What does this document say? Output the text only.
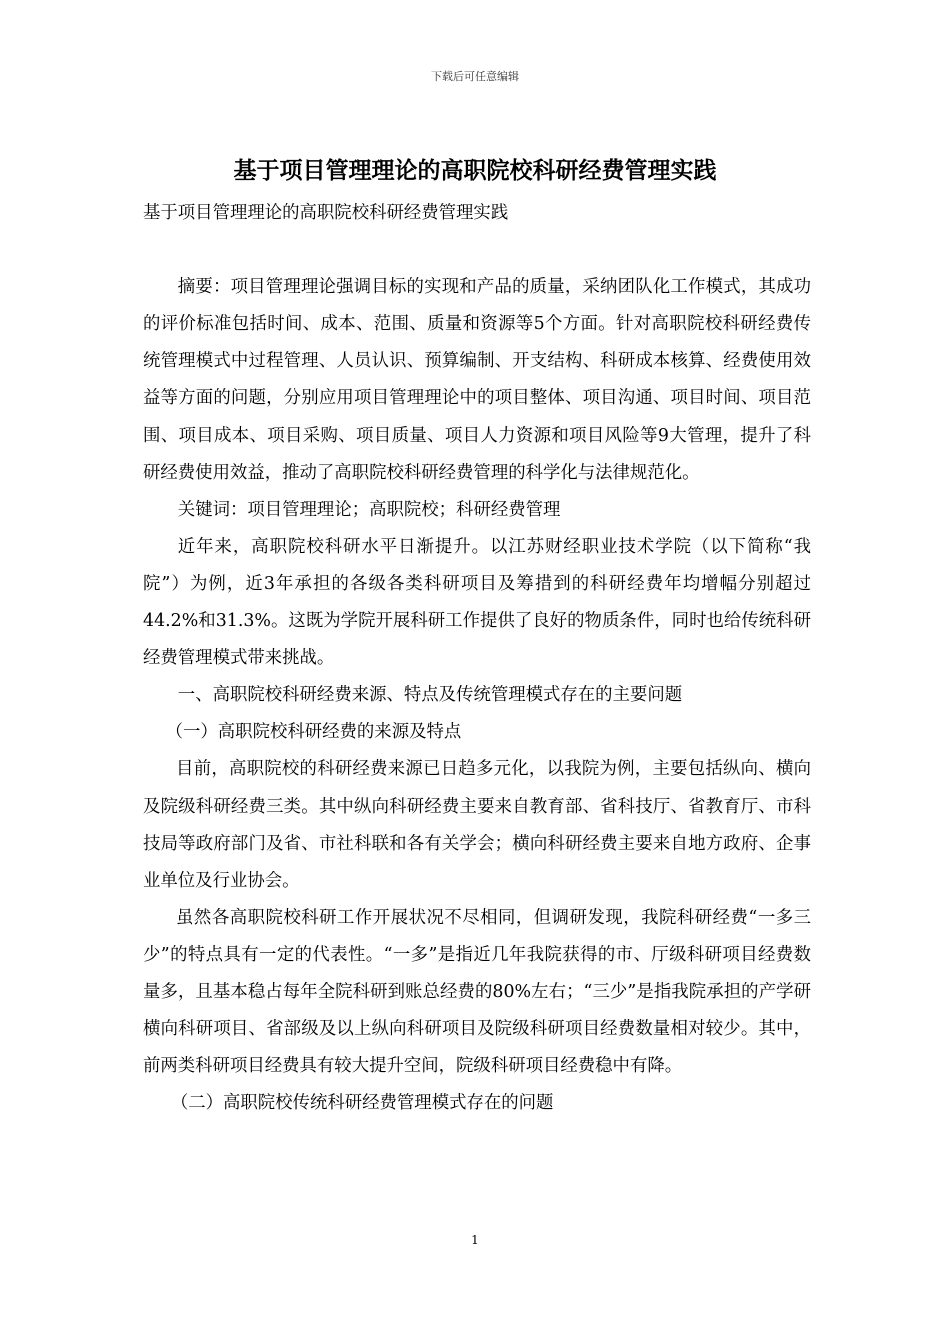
下载后可任意编辑
基于项目管理理论的高职院校科研经费管理实践

基于项目管理理论的高职院校科研经费管理实践

摘要：项目管理理论强调目标的实现和产品的质量，采纳团队化工作模式，其成功的评价标准包括时间、成本、范围、质量和资源等5个方面。针对高职院校科研经费传统管理模式中过程管理、人员认识、预算编制、开支结构、科研成本核算、经费使用效益等方面的问题，分别应用项目管理理论中的项目整体、项目沟通、项目时间、项目范围、项目成本、项目采购、项目质量、项目人力资源和项目风险等9大管理，提升了科研经费使用效益，推动了高职院校科研经费管理的科学化与法律规范化。

关键词：项目管理理论；高职院校；科研经费管理

近年来，高职院校科研水平日渐提升。以江苏财经职业技术学院（以下简称“我院”）为例，近3年承担的各级各类科研项目及筹措到的科研经费年均增幅分别超过44.2%和31.3%。这既为学院开展科研工作提供了良好的物质条件，同时也给传统科研经费管理模式带来挑战。

一、高职院校科研经费来源、特点及传统管理模式存在的主要问题

（一）高职院校科研经费的来源及特点

目前，高职院校的科研经费来源已日趋多元化，以我院为例，主要包括纵向、横向及院级科研经费三类。其中纵向科研经费主要来自教育部、省科技厅、省教育厅、市科技局等政府部门及省、市社科联和各有关学会；横向科研经费主要来自地方政府、企事业单位及行业协会。

虽然各高职院校科研工作开展状况不尽相同，但调研发现，我院科研经费“一多三少”的特点具有一定的代表性。“一多”是指近几年我院获得的市、厅级科研项目经费数量多，且基本稳占每年全院科研到账总经费的80%左右；“三少”是指我院承担的产学研横向科研项目、省部级及以上纵向科研项目及院级科研项目经费数量相对较少。其中，前两类科研项目经费具有较大提升空间，院级科研项目经费稳中有降。

（二）高职院校传统科研经费管理模式存在的问题

1
